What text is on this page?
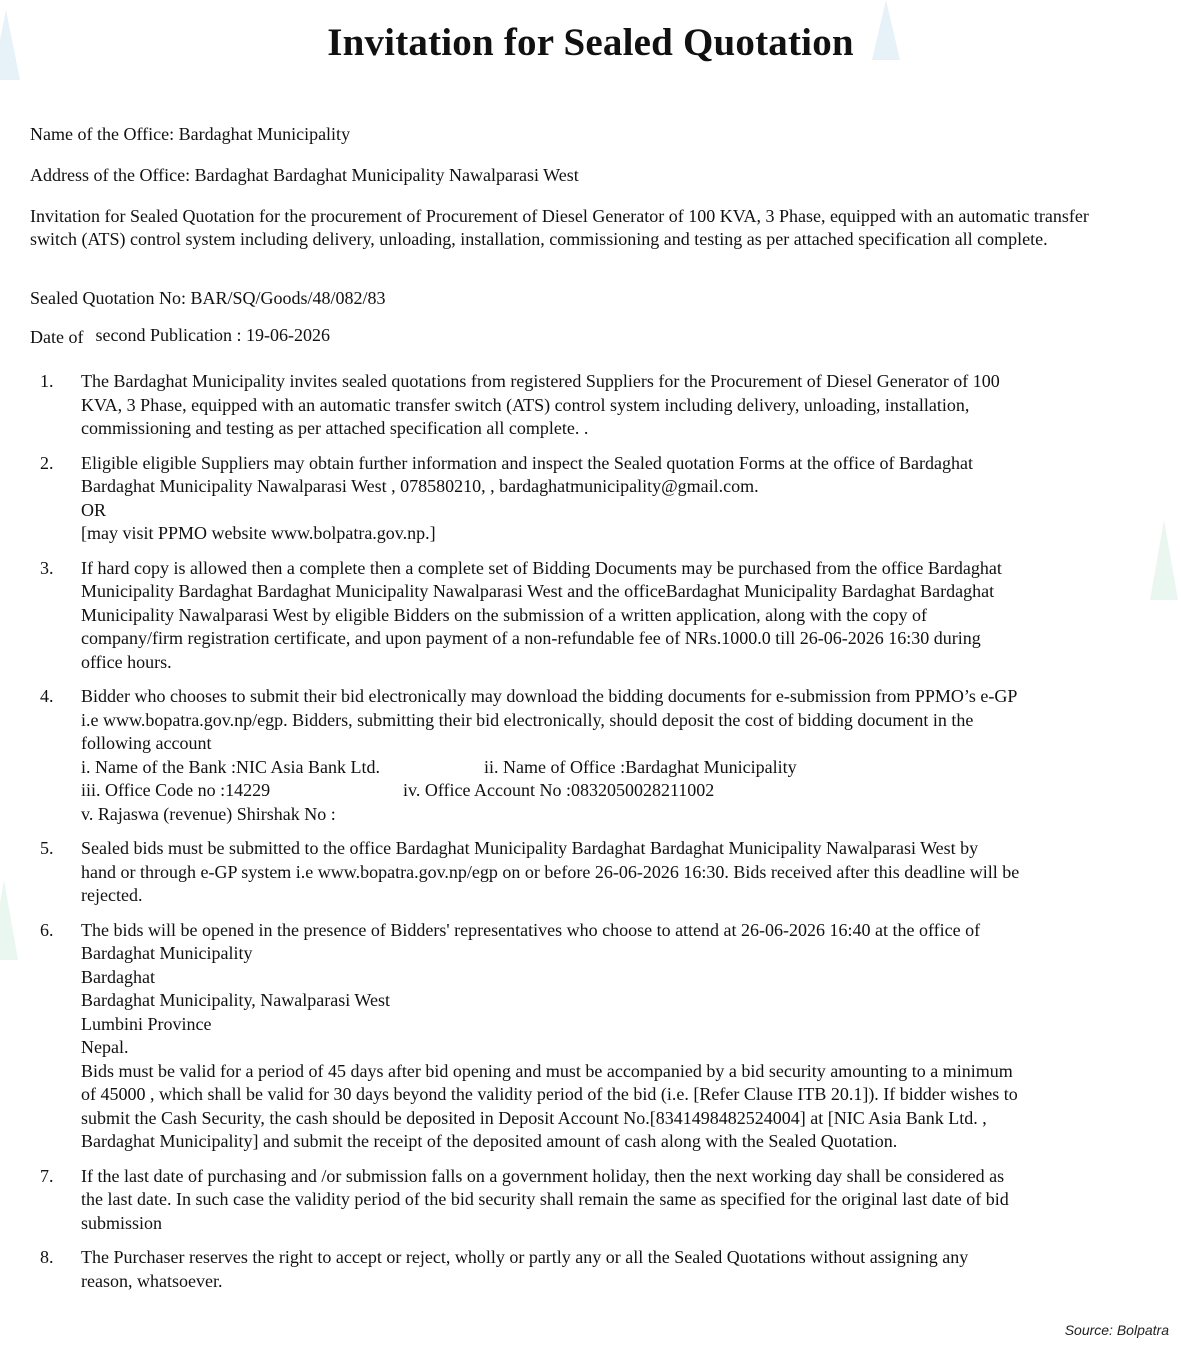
Invitation for Sealed Quotation
Name of the Office: Bardaghat Municipality
Address of the Office: Bardaghat Bardaghat Municipality Nawalparasi West
Invitation for Sealed Quotation for the procurement of Procurement of Diesel Generator of 100 KVA, 3 Phase, equipped with an automatic transfer switch (ATS) control system including delivery, unloading, installation, commissioning and testing as per attached specification all complete.
Sealed Quotation No: BAR/SQ/Goods/48/082/83
Date of second Publication : 19-06-2026
1.	The Bardaghat Municipality invites sealed quotations from registered Suppliers for the Procurement of Diesel Generator of 100
KVA, 3 Phase, equipped with an automatic transfer switch (ATS) control system including delivery, unloading, installation,
commissioning and testing as per attached specification all complete. .
2.	Eligible eligible Suppliers may obtain further information and inspect the Sealed quotation Forms at the office of Bardaghat
Bardaghat Municipality Nawalparasi West , 078580210, , bardaghatmunicipality@gmail.com.
OR
[may visit PPMO website www.bolpatra.gov.np.]
3.	If hard copy is allowed then a complete then a complete set of Bidding Documents may be purchased from the office Bardaghat
Municipality Bardaghat Bardaghat Municipality Nawalparasi West and the officeBardaghat Municipality Bardaghat Bardaghat
Municipality Nawalparasi West by eligible Bidders on the submission of a written application, along with the copy of
company/firm registration certificate, and upon payment of a non-refundable fee of NRs.1000.0 till 26-06-2026 16:30 during
office hours.
4.	Bidder who chooses to submit their bid electronically may download the bidding documents for e-submission from PPMO’s e-GP
i.e www.bopatra.gov.np/egp. Bidders, submitting their bid electronically, should deposit the cost of bidding document in the
following account
i. Name of the Bank :NIC Asia Bank Ltd.	ii. Name of Office :Bardaghat Municipality
iii. Office Code no :14229	iv. Office Account No :0832050028211002
v. Rajaswa (revenue) Shirshak No :
5.	Sealed bids must be submitted to the office Bardaghat Municipality Bardaghat Bardaghat Municipality Nawalparasi West by
hand or through e-GP system i.e www.bopatra.gov.np/egp on or before 26-06-2026 16:30. Bids received after this deadline will be
rejected.
6.	The bids will be opened in the presence of Bidders' representatives who choose to attend at 26-06-2026 16:40 at the office of
Bardaghat Municipality
Bardaghat
Bardaghat Municipality, Nawalparasi West
Lumbini Province
Nepal.
Bids must be valid for a period of 45 days after bid opening and must be accompanied by a bid security amounting to a minimum
of 45000 , which shall be valid for 30 days beyond the validity period of the bid (i.e. [Refer Clause ITB 20.1]). If bidder wishes to
submit the Cash Security, the cash should be deposited in Deposit Account No.[8341498482524004] at [NIC Asia Bank Ltd. ,
Bardaghat Municipality] and submit the receipt of the deposited amount of cash along with the Sealed Quotation.
7.	If the last date of purchasing and /or submission falls on a government holiday, then the next working day shall be considered as
the last date. In such case the validity period of the bid security shall remain the same as specified for the original last date of bid
submission
8.	The Purchaser reserves the right to accept or reject, wholly or partly any or all the Sealed Quotations without assigning any
reason, whatsoever.
Source: Bolpatra
